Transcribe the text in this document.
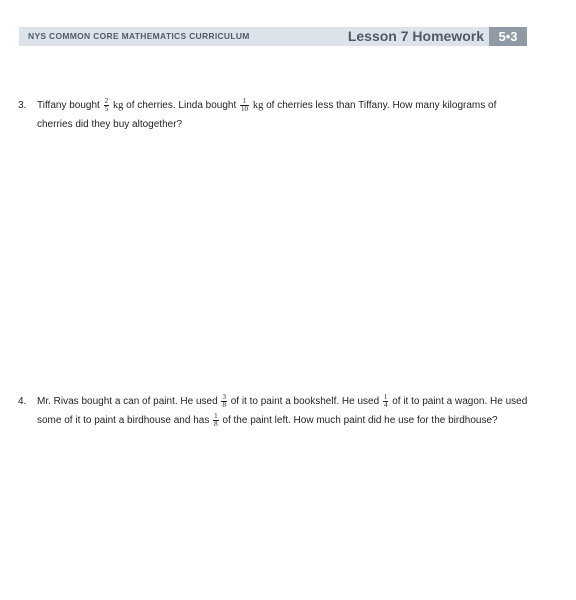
NYS COMMON CORE MATHEMATICS CURRICULUM	Lesson 7 Homework	5•3
3. Tiffany bought $\frac{2}{5}$ kg of cherries. Linda bought $\frac{1}{10}$ kg of cherries less than Tiffany. How many kilograms of cherries did they buy altogether?
4. Mr. Rivas bought a can of paint. He used $\frac{3}{8}$ of it to paint a bookshelf. He used $\frac{1}{4}$ of it to paint a wagon. He used some of it to paint a birdhouse and has $\frac{1}{8}$ of the paint left. How much paint did he use for the birdhouse?
